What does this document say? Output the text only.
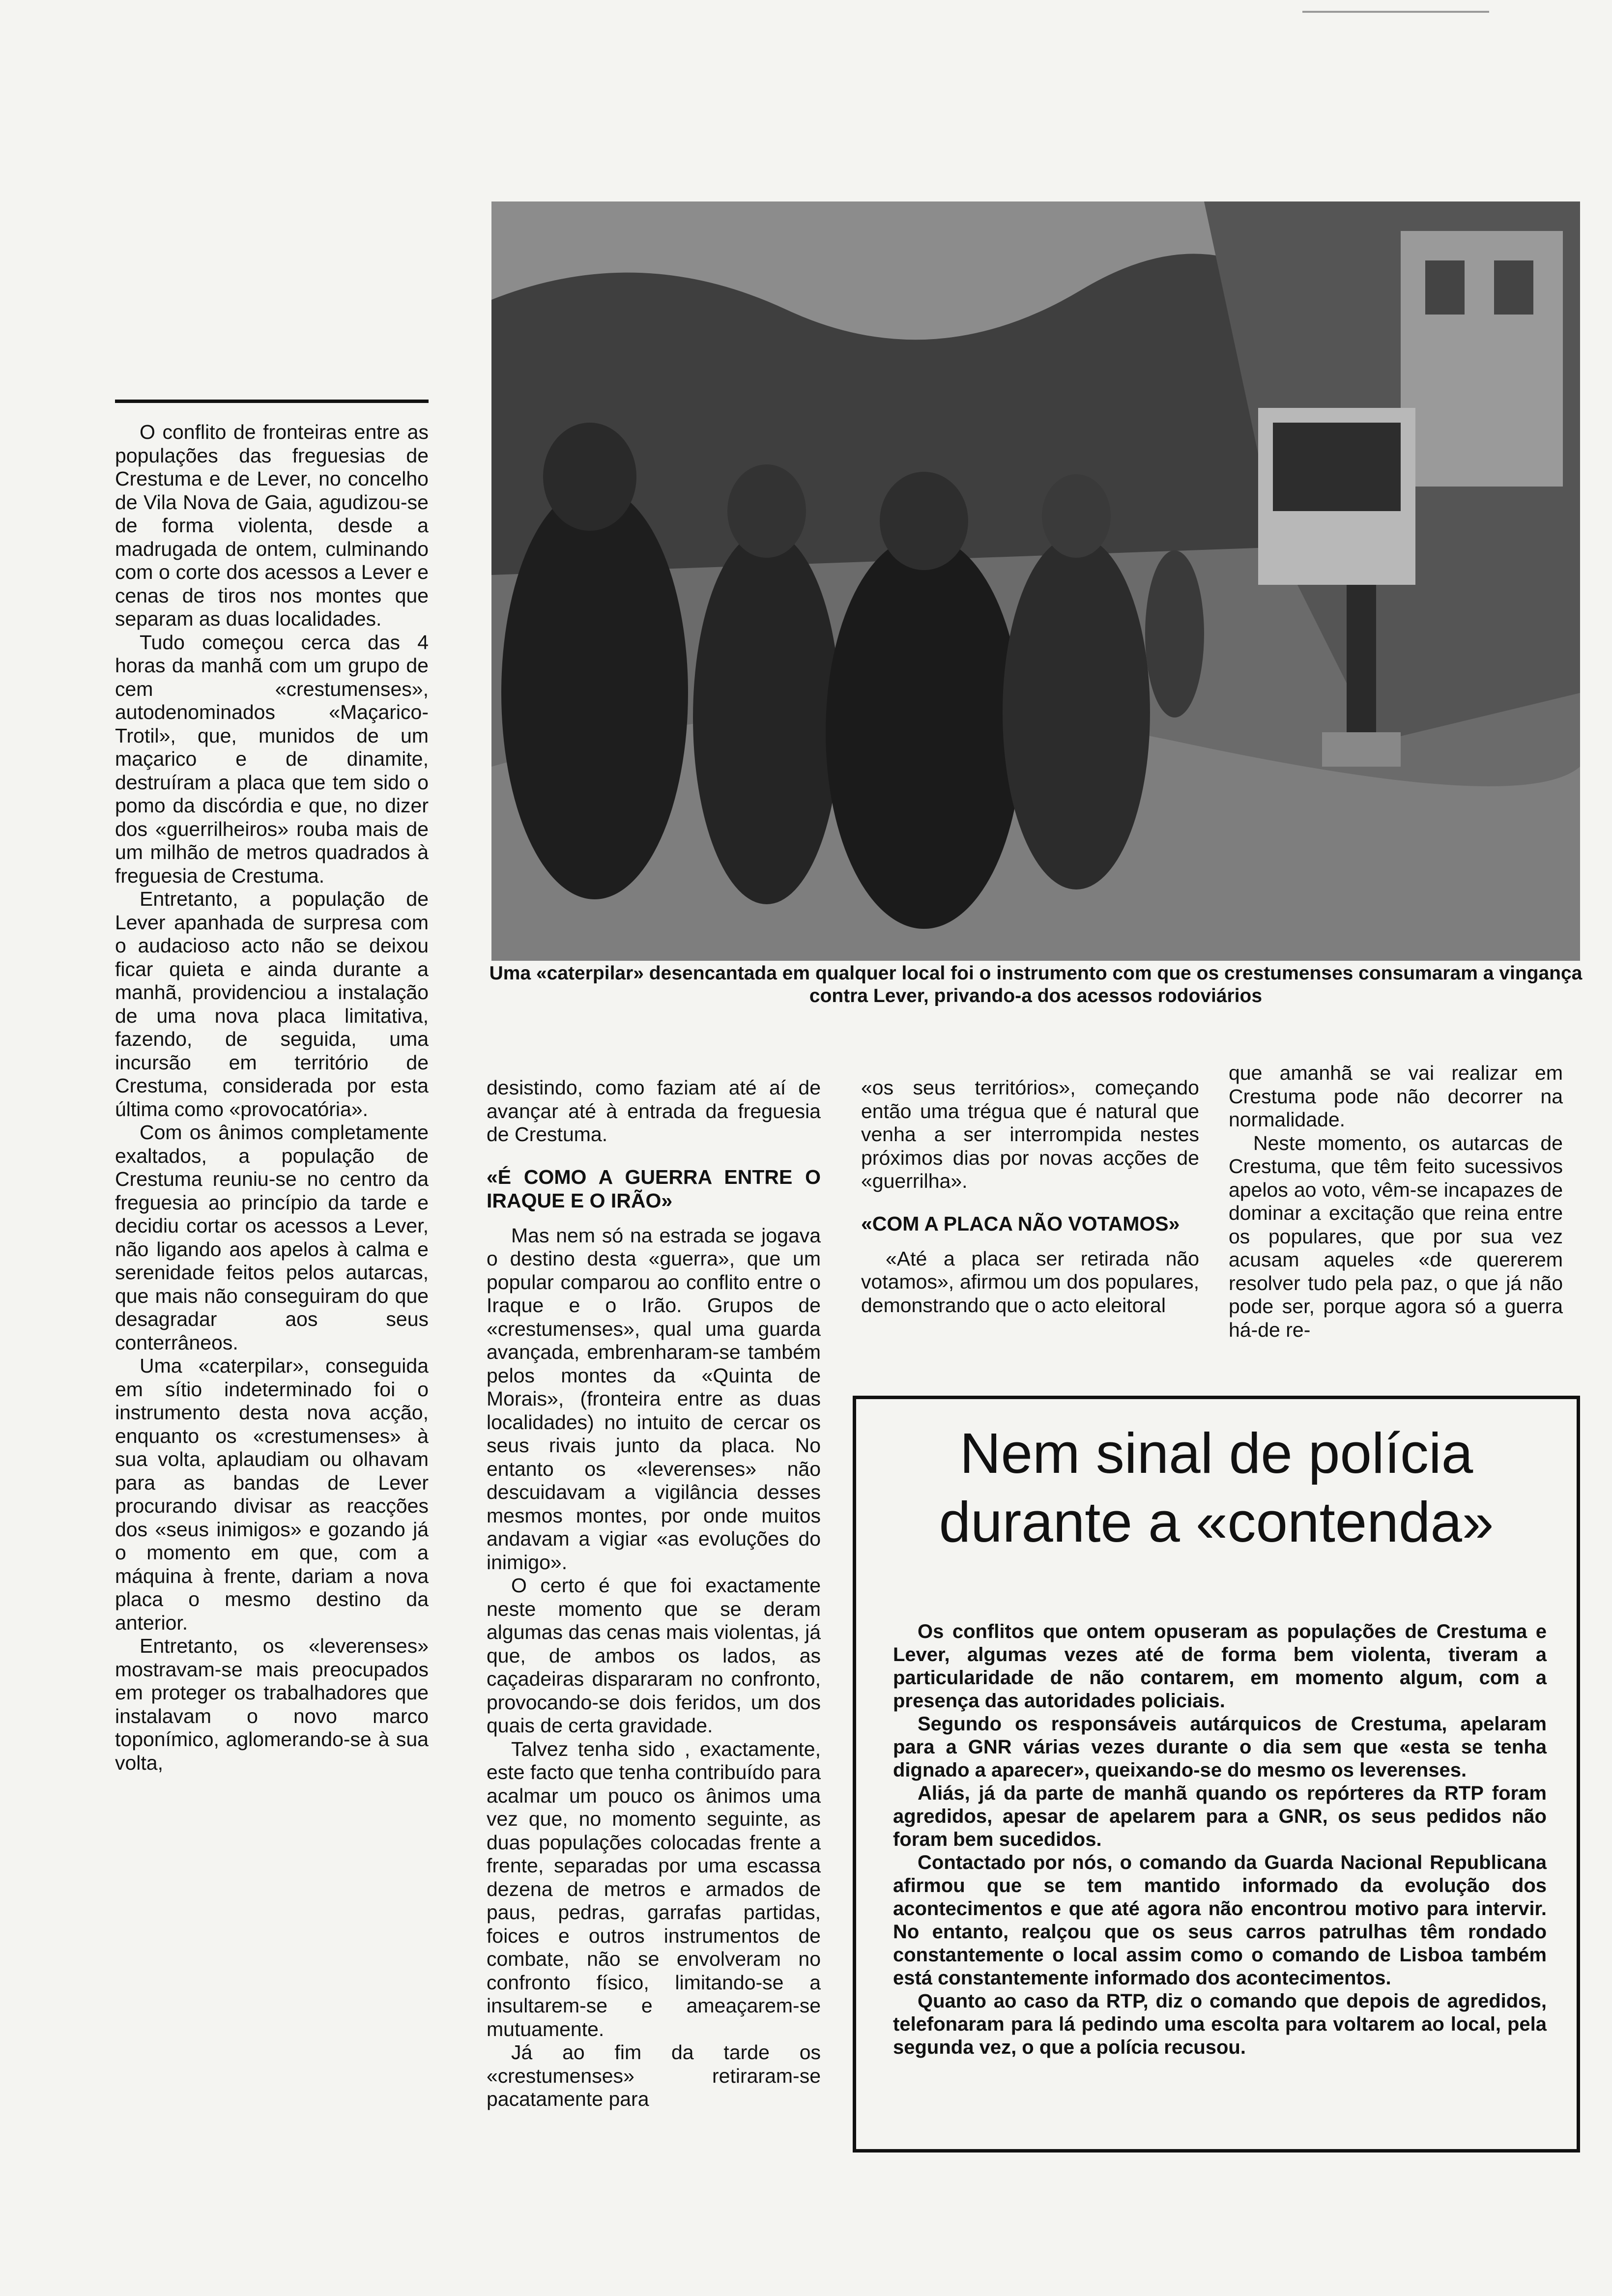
Uma «caterpilar» desencantada em qualquer local foi o instrumento com que os crestumenses consumaram a vingança contra Lever, privando-a dos acessos rodoviários

O conflito de fronteiras entre as populações das freguesias de Crestuma e de Lever, no concelho de Vila Nova de Gaia, agudizou-se de forma violenta, desde a madrugada de ontem, culminando com o corte dos acessos a Lever e cenas de tiros nos montes que separam as duas localidades.

Tudo começou cerca das 4 horas da manhã com um grupo de cem «crestumenses», autodenominados «Maçarico-Trotil», que, munidos de um maçarico e de dinamite, destruíram a placa que tem sido o pomo da discórdia e que, no dizer dos «guerrilheiros» rouba mais de um milhão de metros quadrados à freguesia de Crestuma.

Entretanto, a população de Lever apanhada de surpresa com o audacioso acto não se deixou ficar quieta e ainda durante a manhã, providenciou a instalação de uma nova placa limitativa, fazendo, de seguida, uma incursão em território de Crestuma, considerada por esta última como «provocatória».

Com os ânimos completamente exaltados, a população de Crestuma reuniu-se no centro da freguesia ao princípio da tarde e decidiu cortar os acessos a Lever, não ligando aos apelos à calma e serenidade feitos pelos autarcas, que mais não conseguiram do que desagradar aos seus conterrâneos.

Uma «caterpilar», conseguida em sítio indeterminado foi o instrumento desta nova acção, enquanto os «crestumenses» à sua volta, aplaudiam ou olhavam para as bandas de Lever procurando divisar as reacções dos «seus inimigos» e gozando já o momento em que, com a máquina à frente, dariam a nova placa o mesmo destino da anterior.

Entretanto, os «leverenses» mostravam-se mais preocupados em proteger os trabalhadores que instalavam o novo marco toponímico, aglomerando-se à sua volta,

desistindo, como faziam até aí de avançar até à entrada da freguesia de Crestuma.

«É COMO A GUERRA ENTRE O IRAQUE E O IRÃO»

Mas nem só na estrada se jogava o destino desta «guerra», que um popular comparou ao conflito entre o Iraque e o Irão. Grupos de «crestumenses», qual uma guarda avançada, embrenharam-se também pelos montes da «Quinta de Morais», (fronteira entre as duas localidades) no intuito de cercar os seus rivais junto da placa. No entanto os «leverenses» não descuidavam a vigilância desses mesmos montes, por onde muitos andavam a vigiar «as evoluções do inimigo».

O certo é que foi exactamente neste momento que se deram algumas das cenas mais violentas, já que, de ambos os lados, as caçadeiras dispararam no confronto, provocando-se dois feridos, um dos quais de certa gravidade.

Talvez tenha sido , exactamente, este facto que tenha contribuído para acalmar um pouco os ânimos uma vez que, no momento seguinte, as duas populações colocadas frente a frente, separadas por uma escassa dezena de metros e armados de paus, pedras, garrafas partidas, foices e outros instrumentos de combate, não se envolveram no confronto físico, limitando-se a insultarem-se e ameaçarem-se mutuamente.

Já ao fim da tarde os «crestumenses» retiraram-se pacatamente para

«os seus territórios», começando então uma trégua que é natural que venha a ser interrompida nestes próximos dias por novas acções de «guerrilha».

«COM A PLACA NÃO VOTAMOS»

«Até a placa ser retirada não votamos», afirmou um dos populares, demonstrando que o acto eleitoral

que amanhã se vai realizar em Crestuma pode não decorrer na normalidade.

Neste momento, os autarcas de Crestuma, que têm feito sucessivos apelos ao voto, vêm-se incapazes de dominar a excitação que reina entre os populares, que por sua vez acusam aqueles «de quererem resolver tudo pela paz, o que já não pode ser, porque agora só a guerra há-de re-

Nem sinal de polícia
durante a «contenda»

Os conflitos que ontem opuseram as populações de Crestuma e Lever, algumas vezes até de forma bem violenta, tiveram a particularidade de não contarem, em momento algum, com a presença das autoridades policiais.

Segundo os responsáveis autárquicos de Crestuma, apelaram para a GNR várias vezes durante o dia sem que «esta se tenha dignado a aparecer», queixando-se do mesmo os leverenses.

Aliás, já da parte de manhã quando os repórteres da RTP foram agredidos, apesar de apelarem para a GNR, os seus pedidos não foram bem sucedidos.

Contactado por nós, o comando da Guarda Nacional Republicana afirmou que se tem mantido informado da evolução dos acontecimentos e que até agora não encontrou motivo para intervir. No entanto, realçou que os seus carros patrulhas têm rondado constantemente o local assim como o comando de Lisboa também está constantemente informado dos acontecimentos.

Quanto ao caso da RTP, diz o comando que depois de agredidos, telefonaram para lá pedindo uma escolta para voltarem ao local, pela segunda vez, o que a polícia recusou.
